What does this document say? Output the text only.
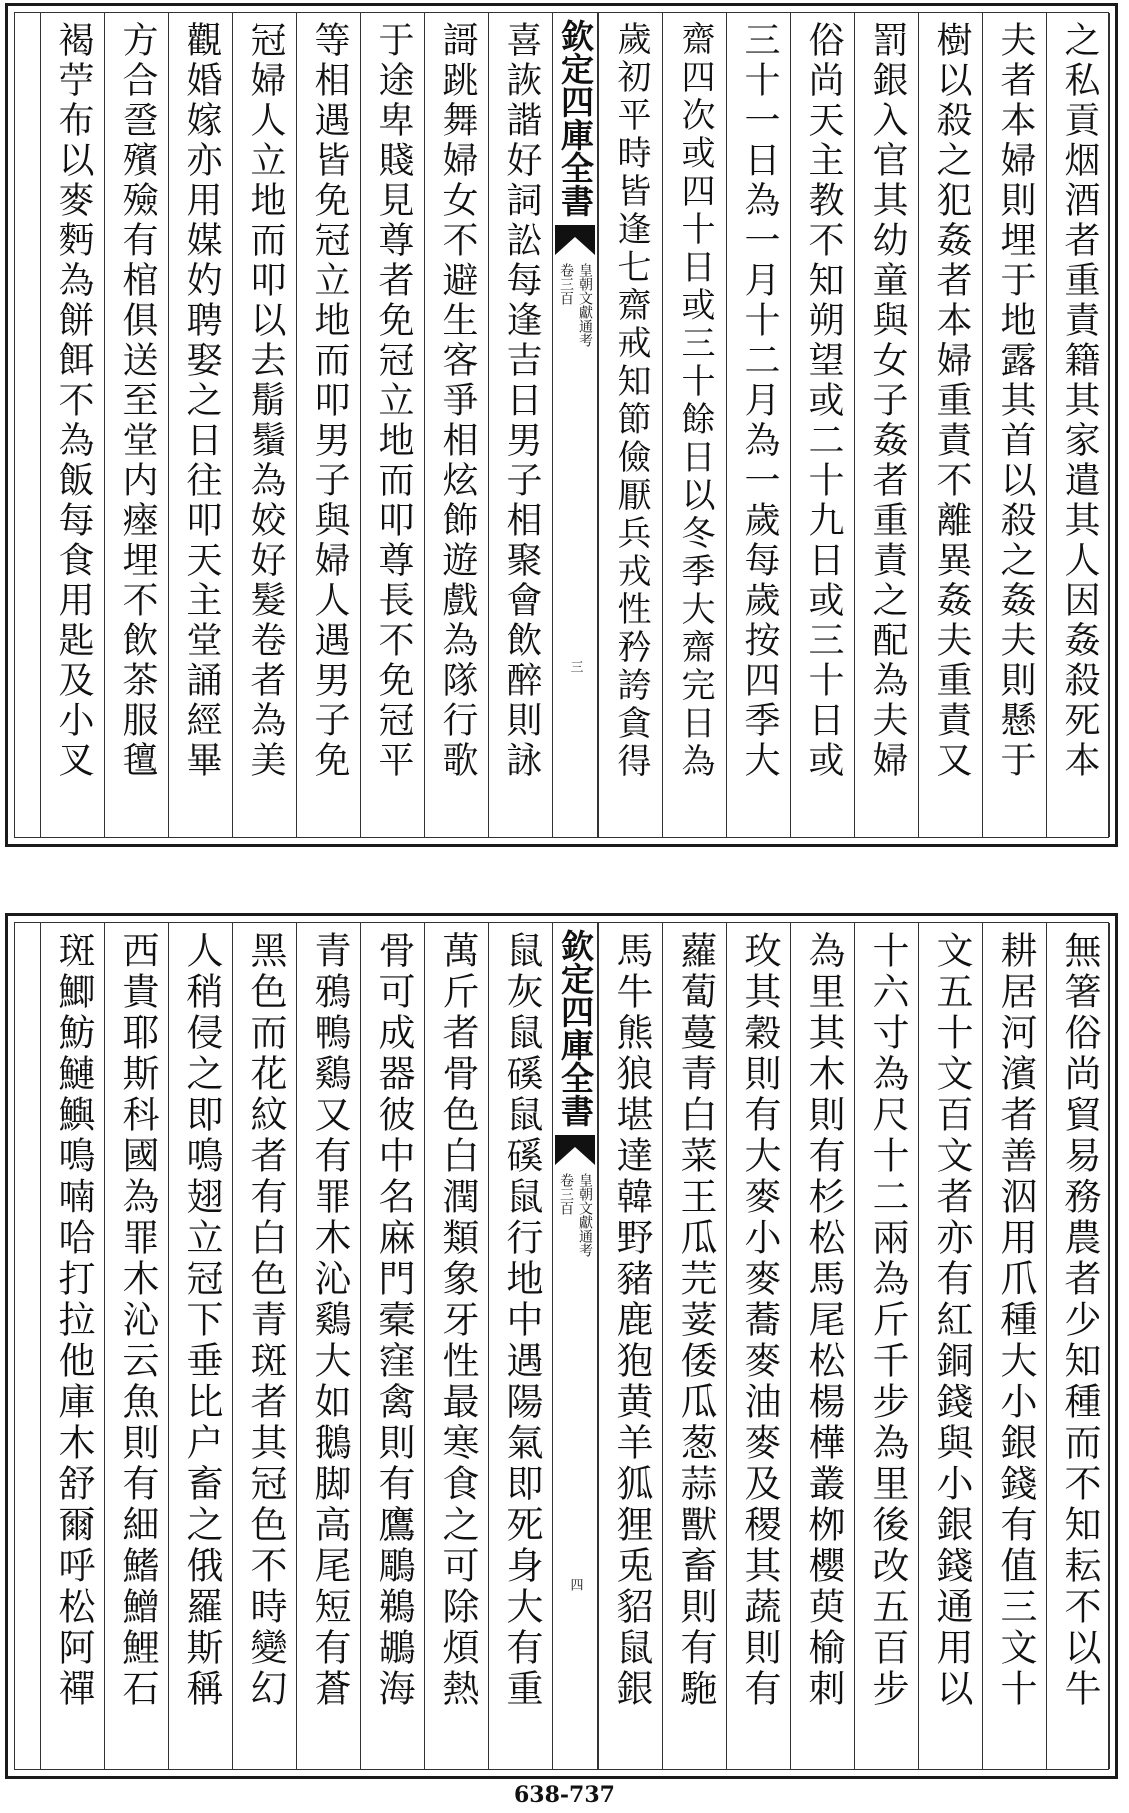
之私貢烟酒者重責籍其家遣其人因姦殺死本
夫者本婦則埋于地露其首以殺之姦夫則懸于
樹以殺之犯姦者本婦重責不離異姦夫重責又
罰銀入官其幼童與女子姦者重責之配為夫婦
俗尚天主教不知朔望或二十九日或三十日或
三十一日為一月十二月為一歲每歲按四季大
齋四次或四十日或三十餘日以冬季大齋完日為
歲初平時皆逢七齋戒知節儉厭兵戎性矜誇貪得
欽定四庫全書
皇朝文獻通考
卷三百
三
喜詼諧好詞訟每逢吉日男子相聚會飲醉則詠
謌跳舞婦女不避生客爭相炫飾遊戲為隊行歌
于途卑賤見尊者免冠立地而叩尊長不免冠平
等相遇皆免冠立地而叩男子與婦人遇男子免
冠婦人立地而叩以去鬅鬚為姣好髮卷者為美
觀婚嫁亦用媒妁聘娶之日往叩天主堂誦經畢
方合巹殯殮有棺俱送至堂内瘞埋不飲茶服氊
褐苧布以麥麪為餅餌不為飯每食用匙及小叉
無箸俗尚貿易務農者少知種而不知耘不以牛
耕居河濱者善泅用爪種大小銀錢有值三文十
文五十文百文者亦有紅銅錢與小銀錢通用以
十六寸為尺十二兩為斤千步為里後改五百步
為里其木則有杉松馬尾松楊樺叢栁櫻萸榆刺
玫其穀則有大麥小麥蕎麥油麥及稷其蔬則有
蘿蔔蔓青白菜王瓜芫荽倭瓜葱蒜獸畜則有駞
馬牛熊狼堪達韓野豬鹿狍黄羊狐狸兎貂鼠銀
欽定四庫全書
皇朝文獻通考
卷三百
四
鼠灰鼠磎鼠磎鼠行地中遇陽氣即死身大有重
萬斤者骨色白潤類象牙性最寒食之可除煩熱
骨可成器彼中名麻門槖窪禽則有鷹鵰鵜鶘海
青鴉鴨鷄又有罪木沁鷄大如鵝脚高尾短有蒼
黑色而花紋者有白色青斑者其冠色不時變幻
人稍侵之即鳴翅立冠下垂比户畜之俄羅斯稱
西貴耶斯科國為罪木沁云魚則有細鰭鱛鯉石
斑鯽魴鰱鱮鳴喃哈打拉他庫木舒爾呼松阿禪
638-737
